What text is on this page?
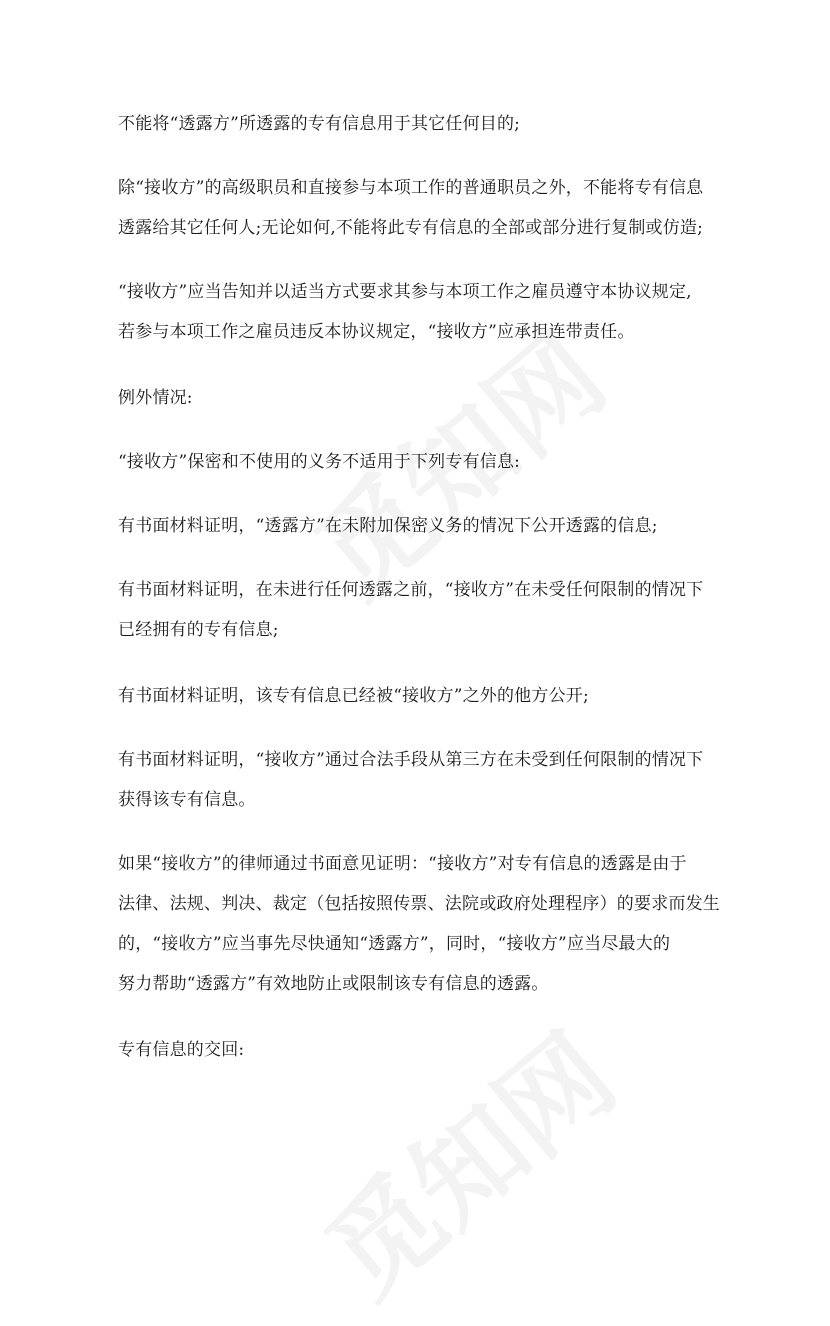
不能将“透露方”所透露的专有信息用于其它任何目的;
除“接收方”的高级职员和直接参与本项工作的普通职员之外，不能将专有信息
透露给其它任何人;无论如何,不能将此专有信息的全部或部分进行复制或仿造;
“接收方”应当告知并以适当方式要求其参与本项工作之雇员遵守本协议规定,
若参与本项工作之雇员违反本协议规定，“接收方”应承担连带责任。
例外情况:
“接收方”保密和不使用的义务不适用于下列专有信息:
有书面材料证明，“透露方”在未附加保密义务的情况下公开透露的信息;
有书面材料证明，在未进行任何透露之前，“接收方”在未受任何限制的情况下
已经拥有的专有信息;
有书面材料证明，该专有信息已经被“接收方”之外的他方公开;
有书面材料证明，“接收方”通过合法手段从第三方在未受到任何限制的情况下
获得该专有信息。
如果“接收方”的律师通过书面意见证明：“接收方”对专有信息的透露是由于
法律、法规、判决、裁定（包括按照传票、法院或政府处理程序）的要求而发生
的，“接收方”应当事先尽快通知“透露方”，同时，“接收方”应当尽最大的
努力帮助“透露方”有效地防止或限制该专有信息的透露。
专有信息的交回:
